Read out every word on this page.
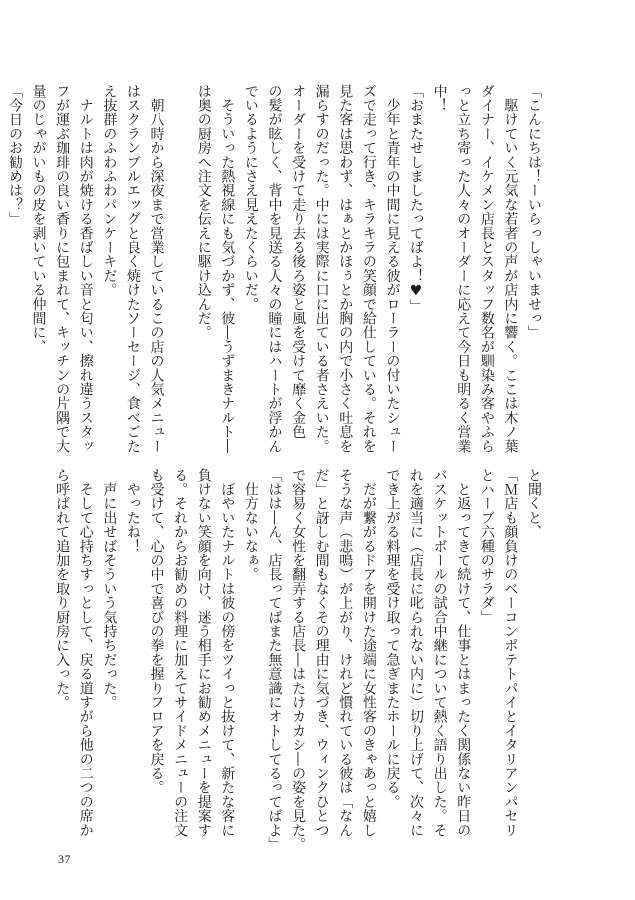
「こんにちは！ーいらっしゃいませっ」
　駆けていく元気な若者の声が店内に響く。ここは木ノ葉
ダイナー、イケメン店長とスタッフ数名が馴染み客やふら
っと立ち寄った人々のオーダーに応えて今日も明るく営業
中！
「おまたせしましたってばよ！♥」
　少年と青年の中間に見える彼がローラーの付いたシュー
ズで走って行き、キラキラの笑顔で給仕している。それを
見た客は思わず、はぁとかほぅとか胸の内で小さく吐息を
漏らすのだった。中には実際に口に出ている者さえいた。
オーダーを受けて走り去る後ろ姿と風を受けて靡く金色
の髪が眩しく、背中を見送る人々の瞳にはハートが浮かん
でいるようにさえ見えたくらいだ。
　そういった熱視線にも気づかず、彼―うずまきナルト―
は奥の厨房へ注文を伝えに駆け込んだ。

　朝八時から深夜まで営業しているこの店の人気メニュー
はスクランブルエッグと良く焼けたソーセージ、食べごた
え抜群のふわふわパンケーキだ。
　ナルトは肉が焼ける香ばしい音と匂い、擦れ違うスタッ
フが運ぶ珈琲の良い香りに包まれて、キッチンの片隅で大
量のじゃがいもの皮を剥いている仲間に、
「今日のお勧めは？」
と聞くと、
「Ｍ店も顔負けのベーコンポテトパイとイタリアンパセリ
とハーブ六種のサラダ」
　と返ってきて続けて、仕事とはまったく関係ない昨日の
バスケットボールの試合中継について熱く語り出した。そ
れを適当に（店長に叱られない内に）切り上げて、次々に
でき上がる料理を受け取って急ぎまたホールに戻る。
　だが繋がるドアを開けた途端に女性客のきゃあっと嬉し
そうな声（悲鳴）が上がり、けれど慣れている彼は「なん
だ」と訝しむ間もなくその理由に気づき、ウィンクひとつ
で容易く女性を翻弄する店長―はたけカカシ―の姿を見た。
「はは―ん、店長ってばまた無意識にオトしてるってばよ」
　仕方ないなぁ。
　ぼやいたナルトは彼の傍をツイっと抜けて、新たな客に
負けない笑顔を向け、迷う相手にお勧めメニューを提案す
る。それからお勧めの料理に加えてサイドメニューの注文
も受けて、心の中で喜びの拳を握りフロアを戻る。
　やったね！
　声に出せばそういう気持ちだった。
　そして心持ちすっとして、戻る道すがら他の二つの席か
ら呼ばれて追加を取り厨房に入った。
37
